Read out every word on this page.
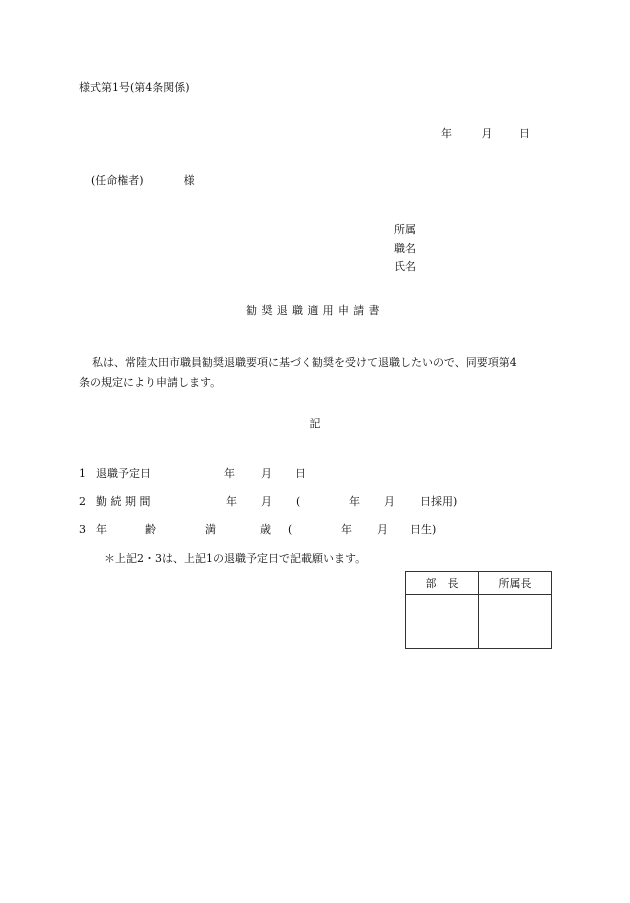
様式第1号(第4条関係)
年	月 日
(任命権者)	様
所属
職名
氏名
勧奨退職適用申請書
私は、常陸太田市職員勧奨退職要項に基づく勧奨を受けて退職したいので、同要項第4
条の規定により申請します。
記
1 退職予定日	年 月 日
2 勤 続 期 間	年 月 (	年 月 日採用)
3 年	齢	満	歳 (	年 月 日生)
＊上記2・3は、上記1の退職予定日で記載願います。
部　長	所属長
